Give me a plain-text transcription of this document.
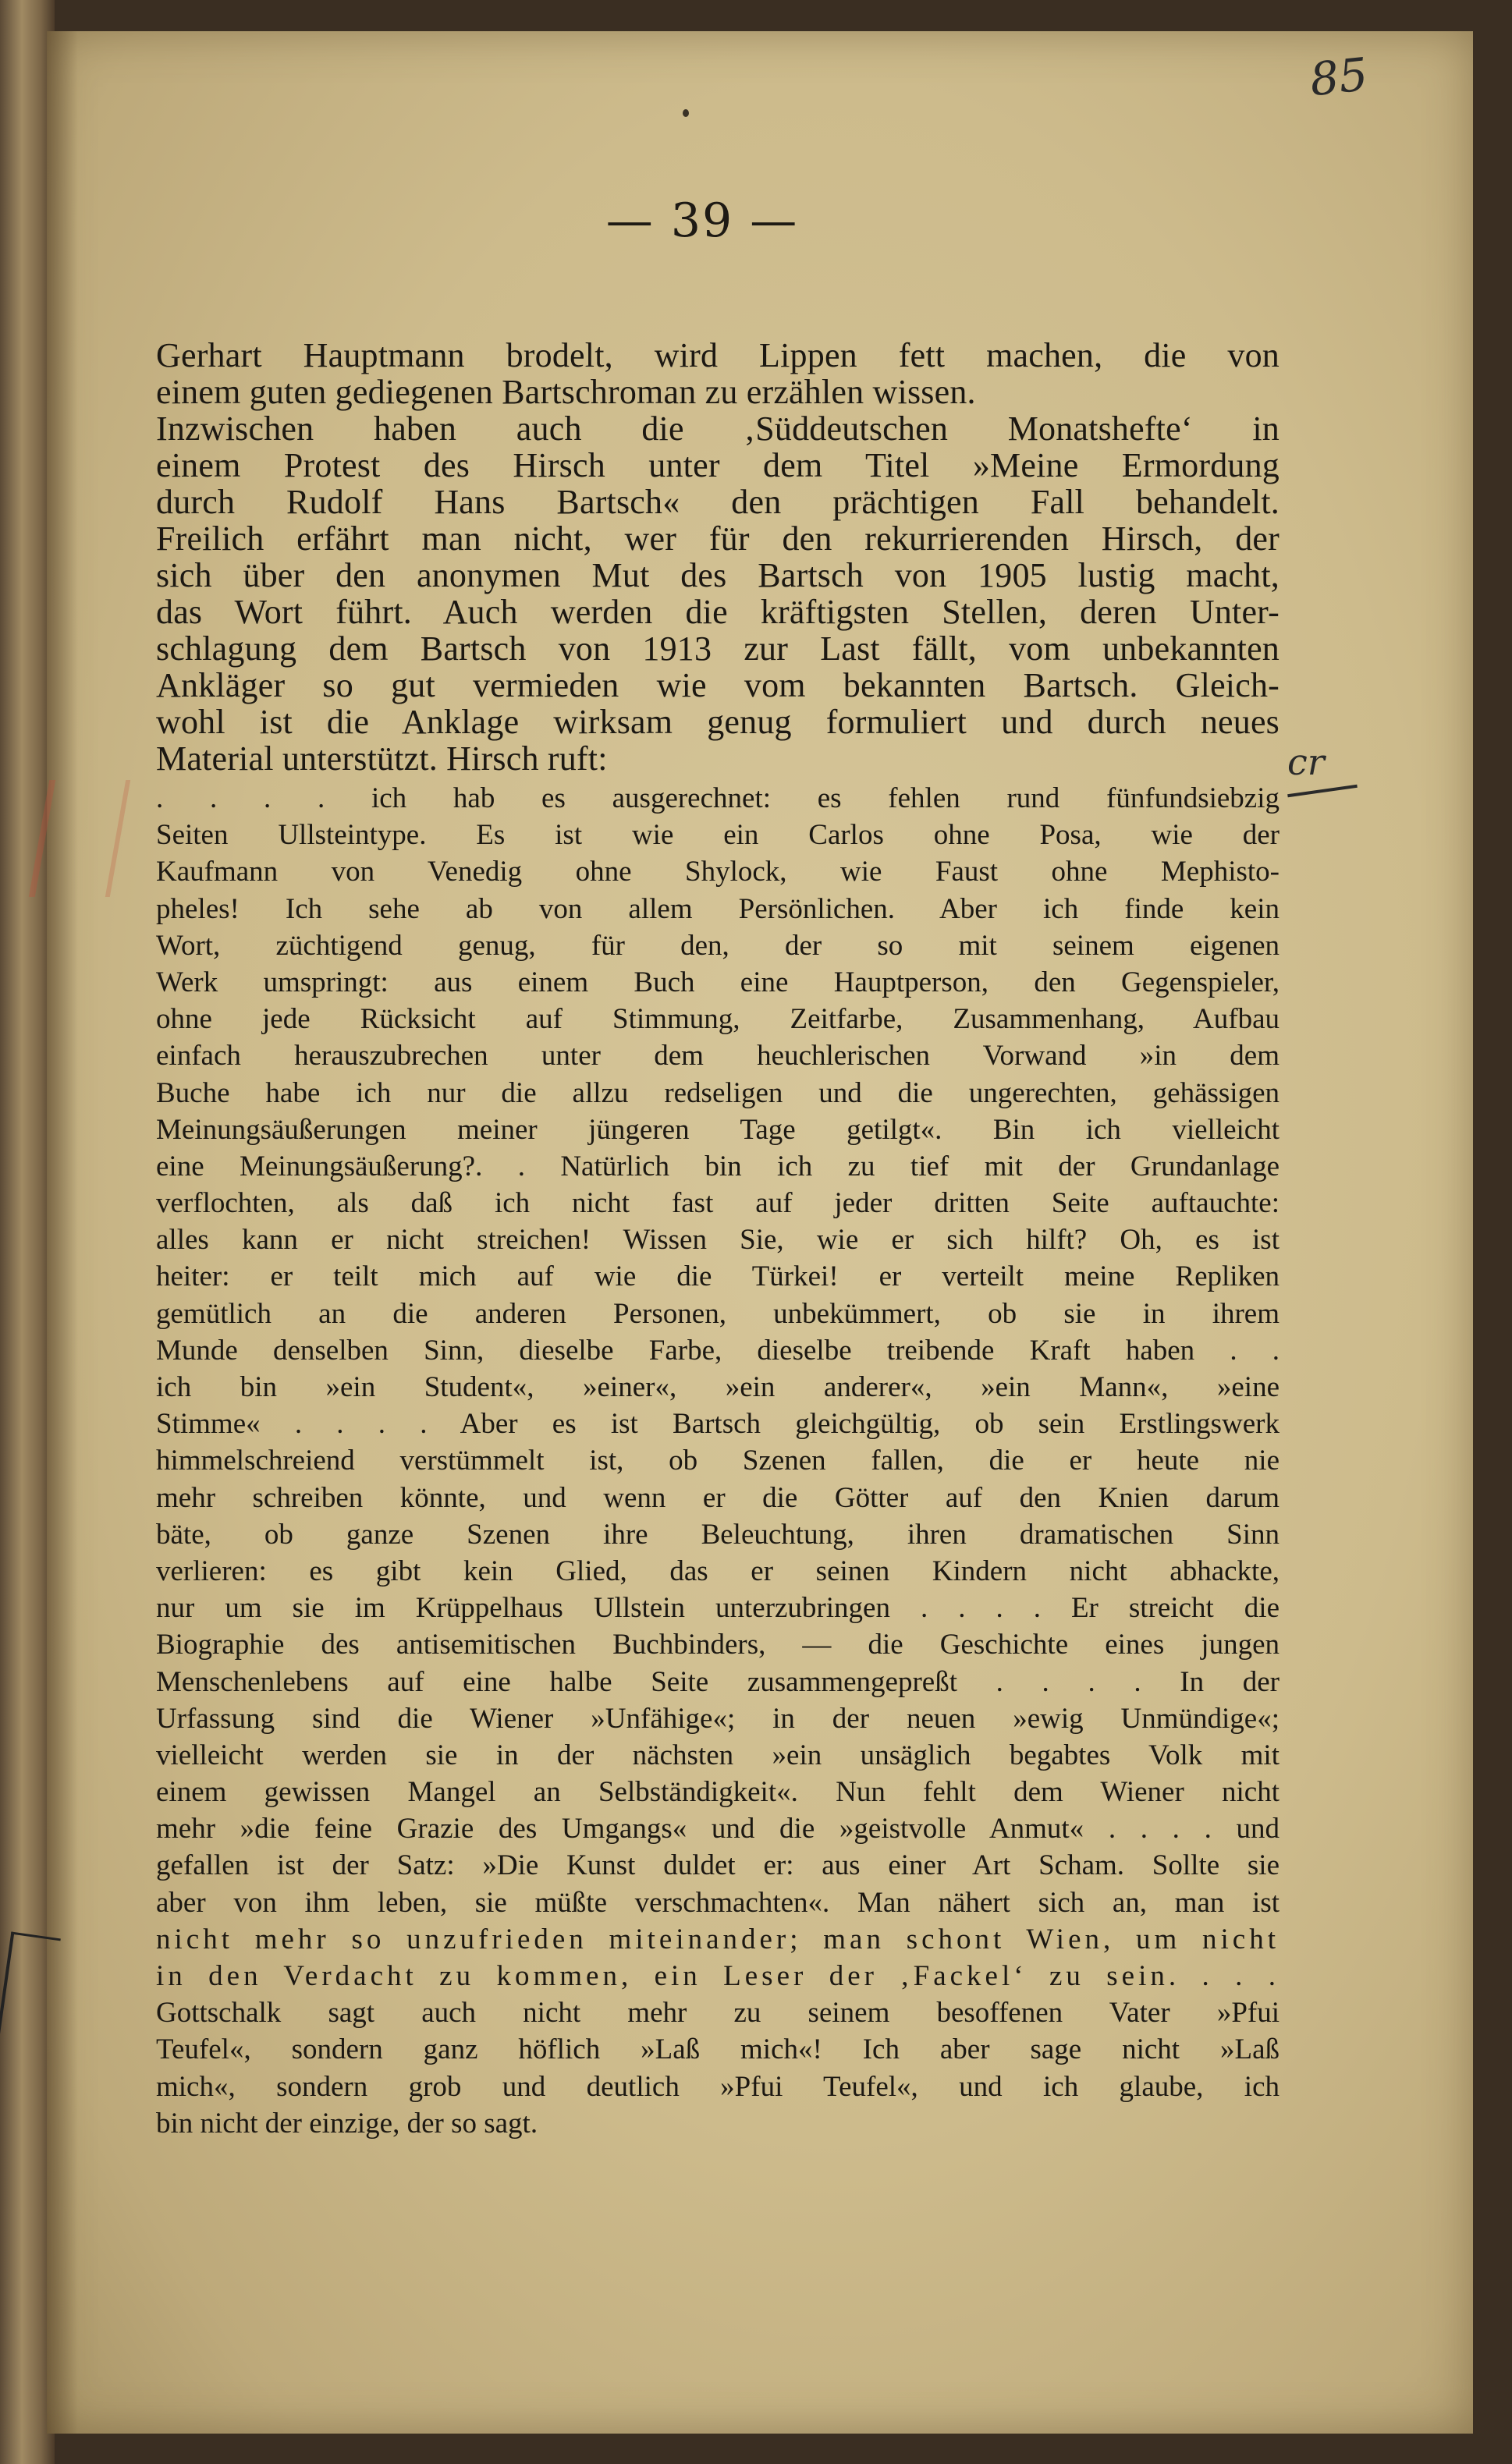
85
— 39 —
cr
Gerhart Hauptmann brodelt, wird Lippen fett machen, die von
einem guten gediegenen Bartschroman zu erzählen wissen.
Inzwischen haben auch die ‚Süddeutschen Monatshefte‘ in
einem Protest des Hirsch unter dem Titel »Meine Ermordung
durch Rudolf Hans Bartsch« den prächtigen Fall behandelt.
Freilich erfährt man nicht, wer für den rekurrierenden Hirsch, der
sich über den anonymen Mut des Bartsch von 1905 lustig macht,
das Wort führt. Auch werden die kräftigsten Stellen, deren Unter-
schlagung dem Bartsch von 1913 zur Last fällt, vom unbekannten
Ankläger so gut vermieden wie vom bekannten Bartsch. Gleich-
wohl ist die Anklage wirksam genug formuliert und durch neues
Material unterstützt. Hirsch ruft:
. . . . ich hab es ausgerechnet: es fehlen rund fünfundsiebzig
Seiten Ullsteintype. Es ist wie ein Carlos ohne Posa, wie der
Kaufmann von Venedig ohne Shylock, wie Faust ohne Mephisto-
pheles! Ich sehe ab von allem Persönlichen. Aber ich finde kein
Wort, züchtigend genug, für den, der so mit seinem eigenen
Werk umspringt: aus einem Buch eine Hauptperson, den Gegenspieler,
ohne jede Rücksicht auf Stimmung, Zeitfarbe, Zusammenhang, Aufbau
einfach herauszubrechen unter dem heuchlerischen Vorwand »in dem
Buche habe ich nur die allzu redseligen und die ungerechten, gehässigen
Meinungsäußerungen meiner jüngeren Tage getilgt«. Bin ich vielleicht
eine Meinungsäußerung?. . Natürlich bin ich zu tief mit der Grundanlage
verflochten, als daß ich nicht fast auf jeder dritten Seite auftauchte:
alles kann er nicht streichen! Wissen Sie, wie er sich hilft? Oh, es ist
heiter: er teilt mich auf wie die Türkei! er verteilt meine Repliken
gemütlich an die anderen Personen, unbekümmert, ob sie in ihrem
Munde denselben Sinn, dieselbe Farbe, dieselbe treibende Kraft haben . .
ich bin »ein Student«, »einer«, »ein anderer«, »ein Mann«, »eine
Stimme« . . . . Aber es ist Bartsch gleichgültig, ob sein Erstlingswerk
himmelschreiend verstümmelt ist, ob Szenen fallen, die er heute nie
mehr schreiben könnte, und wenn er die Götter auf den Knien darum
bäte, ob ganze Szenen ihre Beleuchtung, ihren dramatischen Sinn
verlieren: es gibt kein Glied, das er seinen Kindern nicht abhackte,
nur um sie im Krüppelhaus Ullstein unterzubringen . . . . Er streicht die
Biographie des antisemitischen Buchbinders, — die Geschichte eines jungen
Menschenlebens auf eine halbe Seite zusammengepreßt . . . . In der
Urfassung sind die Wiener »Unfähige«; in der neuen »ewig Unmündige«;
vielleicht werden sie in der nächsten »ein unsäglich begabtes Volk mit
einem gewissen Mangel an Selbständigkeit«. Nun fehlt dem Wiener nicht
mehr »die feine Grazie des Umgangs« und die »geistvolle Anmut« . . . . und
gefallen ist der Satz: »Die Kunst duldet er: aus einer Art Scham. Sollte sie
aber von ihm leben, sie müßte verschmachten«. Man nähert sich an, man ist
nicht mehr so unzufrieden miteinander; man schont Wien, um nicht
in den Verdacht zu kommen, ein Leser der ‚Fackel‘ zu sein. . . .
Gottschalk sagt auch nicht mehr zu seinem besoffenen Vater »Pfui
Teufel«, sondern ganz höflich »Laß mich«! Ich aber sage nicht »Laß
mich«, sondern grob und deutlich »Pfui Teufel«, und ich glaube, ich
bin nicht der einzige, der so sagt.
